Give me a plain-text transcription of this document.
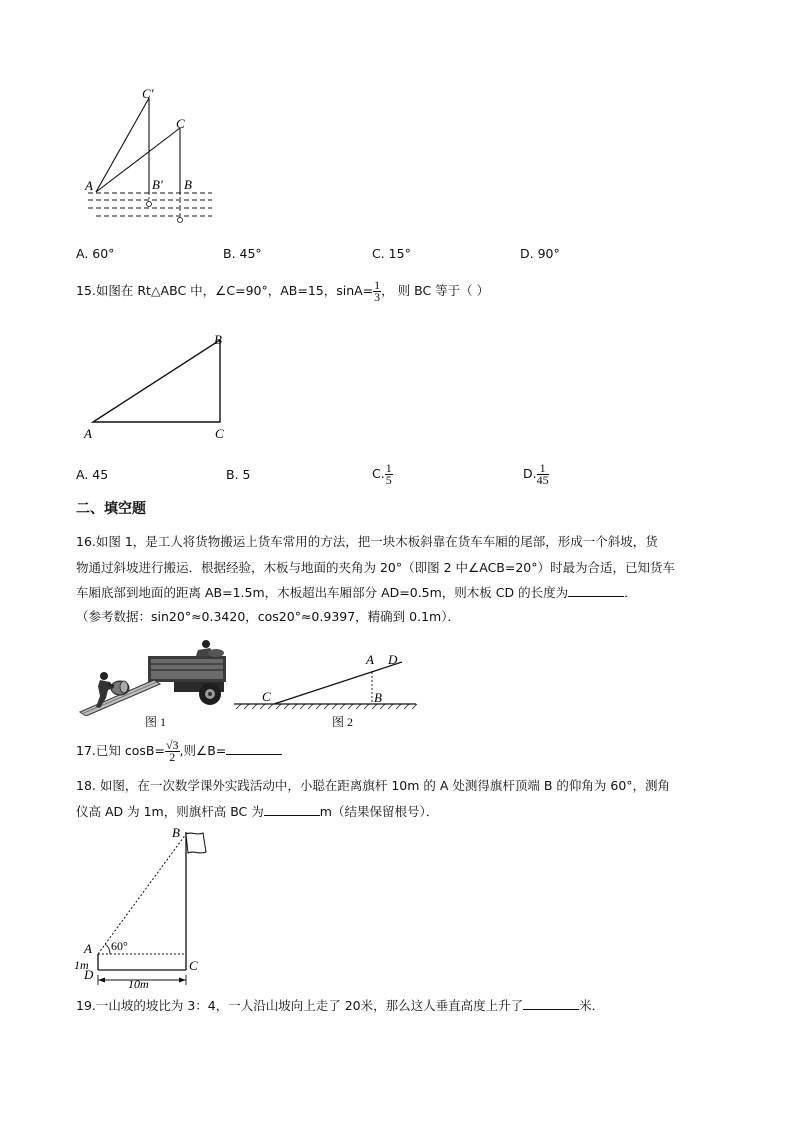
C′
C
A	B′ B
A. 60°	B. 45°	C. 15°	D. 90°
15.如图在 Rt△ABC 中，∠C=90°，AB=15，$\sin A= \frac{1}{3}$ ， 则 BC 等于（ ）
A
B
C
A. 45	B. 5	C. $\frac{1}{5}$	D. $\frac{1}{45}$
二、填空题
16.如图 1，是工人将货物搬运上货车常用的方法，把一块木板斜靠在货车车厢的尾部，形成一个斜坡，货
物通过斜坡进行搬运．根据经验，木板与地面的夹角为 20°（即图 2 中∠ACB=20°）时最为合适，已知货车
车厢底部到地面的距离 AB=1.5m，木板超出车厢部分 AD=0.5m，则木板 CD 的长度为	．
（参考数据：sin20°≈0.3420，cos20°≈0.9397，精确到 0.1m）．
图 1
A D
C	B
图 2
17.已知 $\cos B= \frac{√3}{2}$ ,则∠B=
18. 如图，在一次数学课外实践活动中，小聪在距离旗杆 10m 的 A 处测得旗杆顶端 B 的仰角为 60°，测角
仪高 AD 为 1m，则旗杆高 BC 为	m（结果保留根号）．
B
A
D
C
60°
1m
10m
19.一山坡的坡比为 3：4，一人沿山坡向上走了 20米，那么这人垂直高度上升了	米．
